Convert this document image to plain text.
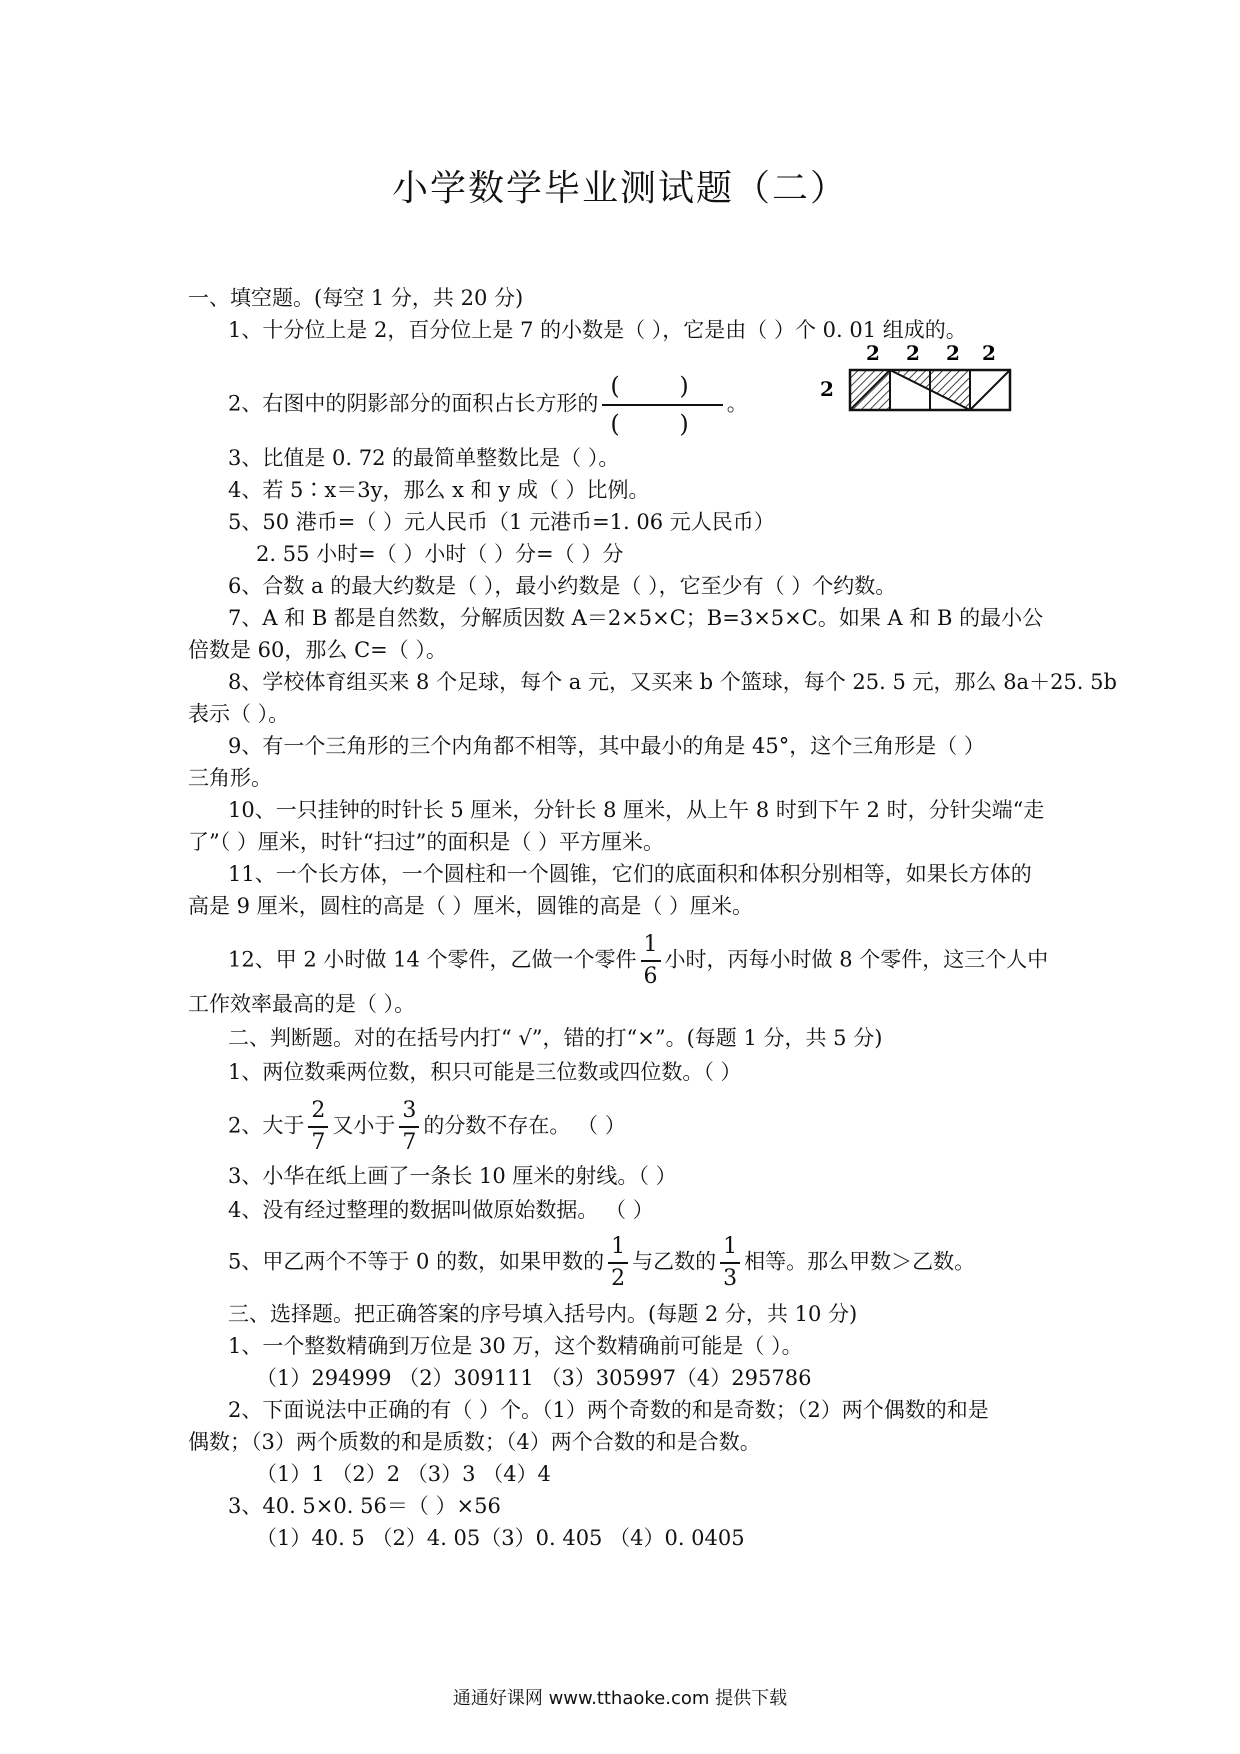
小学数学毕业测试题（二）
一、填空题。(每空 1 分，共 20 分)
1、十分位上是 2，百分位上是 7 的小数是（ ），它是由（ ）个 0. 01 组成的。
2、右图中的阴影部分的面积占长方形的 $\frac{( )}{( )}$ 。
2 2 2 2
2
3、比值是 0. 72 的最简单整数比是（ ）。
4、若 5∶x＝3y，那么 x 和 y 成（ ）比例。
5、50 港币=（ ）元人民币（1 元港币=1. 06 元人民币）
2. 55 小时=（ ）小时（ ）分=（ ）分
6、合数 a 的最大约数是（ ），最小约数是（ ），它至少有（ ）个约数。
7、A 和 B 都是自然数，分解质因数 A＝2×5×C；B=3×5×C。如果 A 和 B 的最小公
倍数是 60，那么 C=（ ）。
8、学校体育组买来 8 个足球，每个 a 元，又买来 b 个篮球，每个 25. 5 元，那么 8a＋25. 5b
表示（ ）。
9、有一个三角形的三个内角都不相等，其中最小的角是 45°，这个三角形是（ ）
三角形。
10、一只挂钟的时针长 5 厘米，分针长 8 厘米，从上午 8 时到下午 2 时，分针尖端“走
了”（ ）厘米，时针“扫过”的面积是（ ）平方厘米。
11、一个长方体，一个圆柱和一个圆锥，它们的底面积和体积分别相等，如果长方体的
高是 9 厘米，圆柱的高是（ ）厘米，圆锥的高是（ ）厘米。
12、甲 2 小时做 14 个零件，乙做一个零件 $\frac{1}{6}$ 小时，丙每小时做 8 个零件，这三个人中
工作效率最高的是（ ）。
二、判断题。对的在括号内打“ √”，错的打“×”。(每题 1 分，共 5 分)
1、两位数乘两位数，积只可能是三位数或四位数。（ ）
2、大于 $\frac{2}{7}$ 又小于 $\frac{3}{7}$ 的分数不存在。 （ ）
3、小华在纸上画了一条长 10 厘米的射线。（ ）
4、没有经过整理的数据叫做原始数据。 （ ）
5、甲乙两个不等于 0 的数，如果甲数的 $\frac{1}{2}$ 与乙数的 $\frac{1}{3}$ 相等。那么甲数＞乙数。
三、选择题。把正确答案的序号填入括号内。(每题 2 分，共 10 分)
1、一个整数精确到万位是 30 万，这个数精确前可能是（ ）。
（1）294999 （2）309111 （3）305997（4）295786
2、下面说法中正确的有（ ）个。（1）两个奇数的和是奇数；（2）两个偶数的和是
偶数；（3）两个质数的和是质数；（4）两个合数的和是合数。
（1）1 （2）2 （3）3 （4）4
3、40. 5×0. 56＝（ ）×56
（1）40. 5 （2）4. 05（3）0. 405 （4）0. 0405
通通好课网 www.tthaoke.com 提供下载
